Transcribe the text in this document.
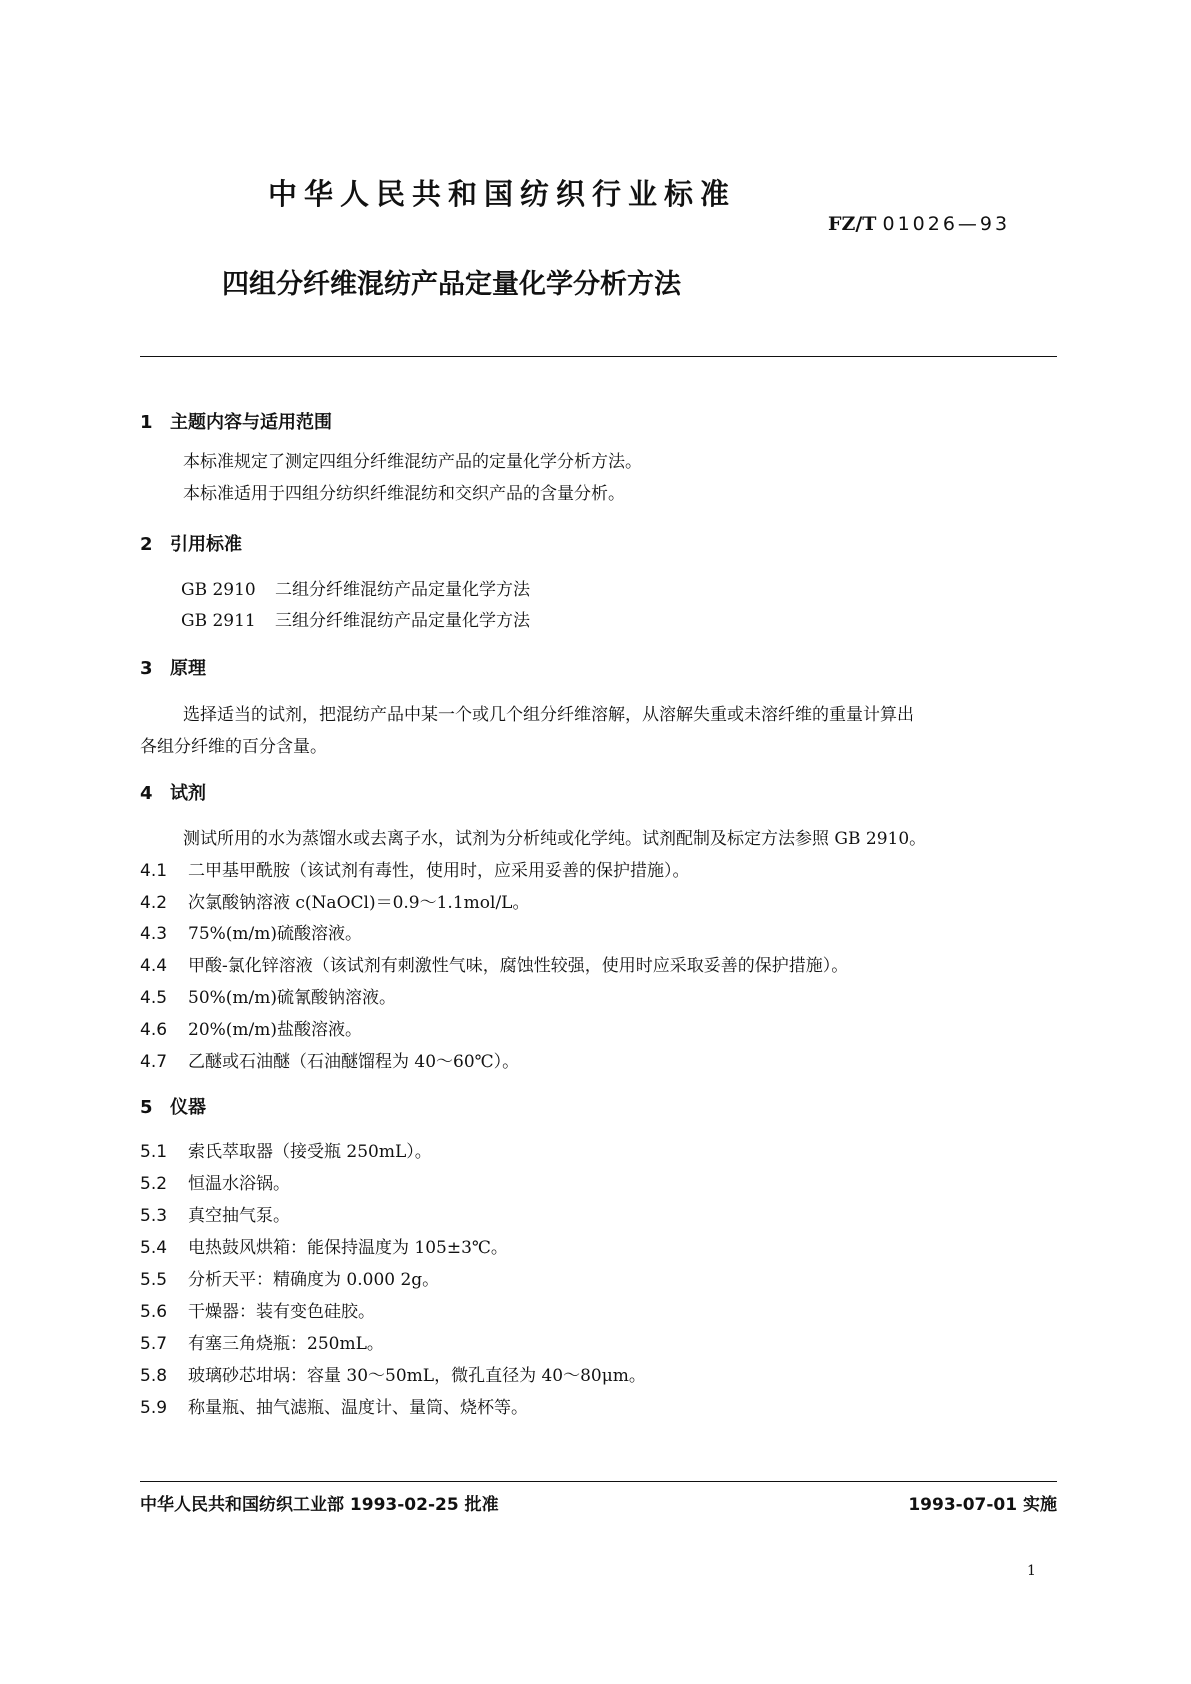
中华人民共和国纺织行业标准
FZ/T 01026—93
四组分纤维混纺产品定量化学分析方法
1 主题内容与适用范围
本标准规定了测定四组分纤维混纺产品的定量化学分析方法。
本标准适用于四组分纺织纤维混纺和交织产品的含量分析。
2 引用标准
GB 2910 二组分纤维混纺产品定量化学方法
GB 2911 三组分纤维混纺产品定量化学方法
3 原理
选择适当的试剂，把混纺产品中某一个或几个组分纤维溶解，从溶解失重或未溶纤维的重量计算出
各组分纤维的百分含量。
4 试剂
测试所用的水为蒸馏水或去离子水，试剂为分析纯或化学纯。试剂配制及标定方法参照 GB 2910。
4.1 二甲基甲酰胺（该试剂有毒性，使用时，应采用妥善的保护措施）。
4.2 次氯酸钠溶液 c(NaOCl)＝0.9～1.1mol/L。
4.3 75%(m/m)硫酸溶液。
4.4 甲酸-氯化锌溶液（该试剂有刺激性气味，腐蚀性较强，使用时应采取妥善的保护措施）。
4.5 50%(m/m)硫氰酸钠溶液。
4.6 20%(m/m)盐酸溶液。
4.7 乙醚或石油醚（石油醚馏程为 40～60℃）。
5 仪器
5.1 索氏萃取器（接受瓶 250mL）。
5.2 恒温水浴锅。
5.3 真空抽气泵。
5.4 电热鼓风烘箱：能保持温度为 105±3℃。
5.5 分析天平：精确度为 0.000 2g。
5.6 干燥器：装有变色硅胶。
5.7 有塞三角烧瓶：250mL。
5.8 玻璃砂芯坩埚：容量 30～50mL，微孔直径为 40～80μm。
5.9 称量瓶、抽气滤瓶、温度计、量筒、烧杯等。
中华人民共和国纺织工业部 1993-02-25 批准	1993-07-01 实施
1
